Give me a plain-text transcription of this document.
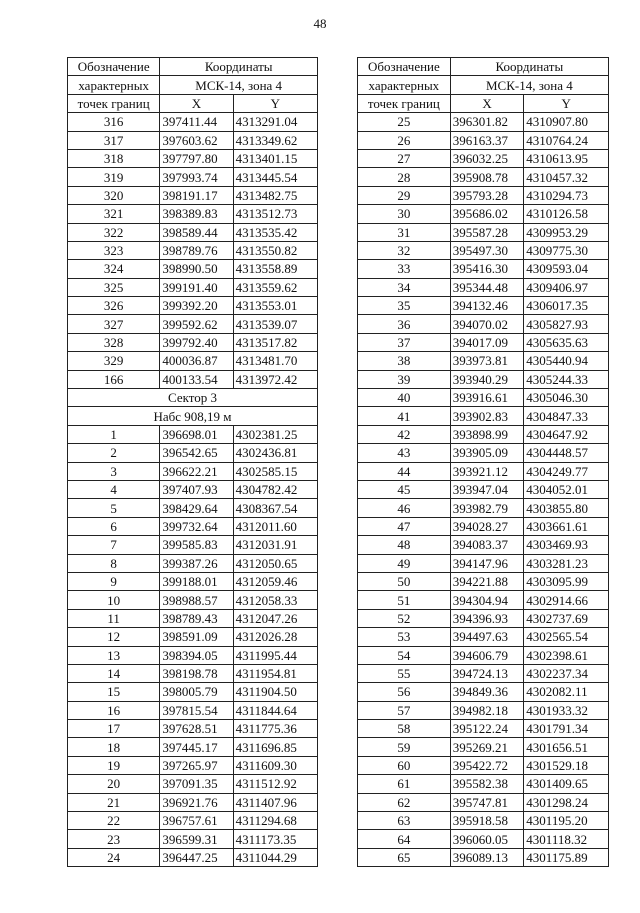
48
Обозначение	Координаты	
характерных	МСК-14, зона 4	
точек границ	X	Y
316	397411.44	4313291.04
317	397603.62	4313349.62
318	397797.80	4313401.15
319	397993.74	4313445.54
320	398191.17	4313482.75
321	398389.83	4313512.73
322	398589.44	4313535.42
323	398789.76	4313550.82
324	398990.50	4313558.89
325	399191.40	4313559.62
326	399392.20	4313553.01
327	399592.62	4313539.07
328	399792.40	4313517.82
329	400036.87	4313481.70
166	400133.54	4313972.42
Сектор 3		
Набс 908,19 м		
1	396698.01	4302381.25
2	396542.65	4302436.81
3	396622.21	4302585.15
4	397407.93	4304782.42
5	398429.64	4308367.54
6	399732.64	4312011.60
7	399585.83	4312031.91
8	399387.26	4312050.65
9	399188.01	4312059.46
10	398988.57	4312058.33
11	398789.43	4312047.26
12	398591.09	4312026.28
13	398394.05	4311995.44
14	398198.78	4311954.81
15	398005.79	4311904.50
16	397815.54	4311844.64
17	397628.51	4311775.36
18	397445.17	4311696.85
19	397265.97	4311609.30
20	397091.35	4311512.92
21	396921.76	4311407.96
22	396757.61	4311294.68
23	396599.31	4311173.35
24	396447.25	4311044.29
Обозначение	Координаты	
характерных	МСК-14, зона 4	
точек границ	X	Y
25	396301.82	4310907.80
26	396163.37	4310764.24
27	396032.25	4310613.95
28	395908.78	4310457.32
29	395793.28	4310294.73
30	395686.02	4310126.58
31	395587.28	4309953.29
32	395497.30	4309775.30
33	395416.30	4309593.04
34	395344.48	4309406.97
35	394132.46	4306017.35
36	394070.02	4305827.93
37	394017.09	4305635.63
38	393973.81	4305440.94
39	393940.29	4305244.33
40	393916.61	4305046.30
41	393902.83	4304847.33
42	393898.99	4304647.92
43	393905.09	4304448.57
44	393921.12	4304249.77
45	393947.04	4304052.01
46	393982.79	4303855.80
47	394028.27	4303661.61
48	394083.37	4303469.93
49	394147.96	4303281.23
50	394221.88	4303095.99
51	394304.94	4302914.66
52	394396.93	4302737.69
53	394497.63	4302565.54
54	394606.79	4302398.61
55	394724.13	4302237.34
56	394849.36	4302082.11
57	394982.18	4301933.32
58	395122.24	4301791.34
59	395269.21	4301656.51
60	395422.72	4301529.18
61	395582.38	4301409.65
62	395747.81	4301298.24
63	395918.58	4301195.20
64	396060.05	4301118.32
65	396089.13	4301175.89
